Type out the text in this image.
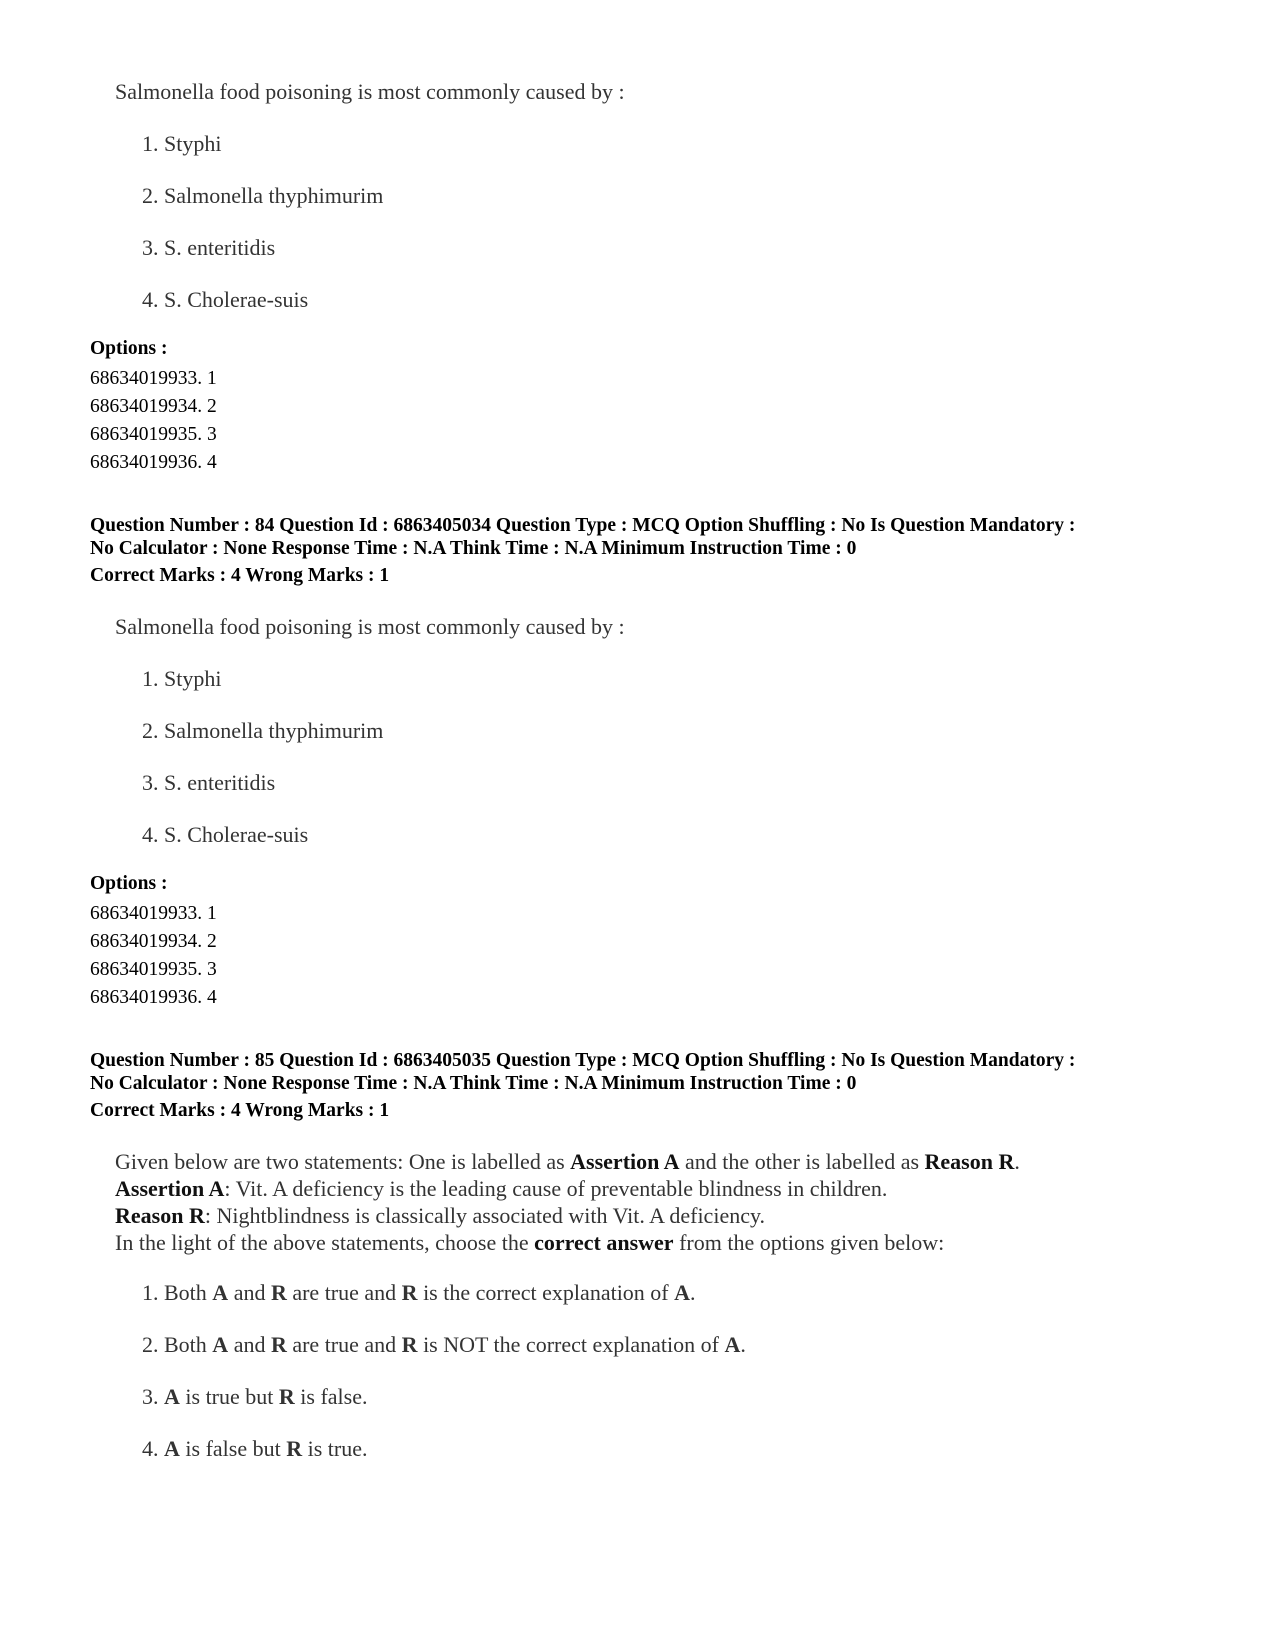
Salmonella food poisoning is most commonly caused by :
1. Styphi
2. Salmonella thyphimurim
3. S. enteritidis
4. S. Cholerae-suis
Options :
68634019933. 1
68634019934. 2
68634019935. 3
68634019936. 4
Question Number : 84 Question Id : 6863405034 Question Type : MCQ Option Shuffling : No Is Question Mandatory :
No Calculator : None Response Time : N.A Think Time : N.A Minimum Instruction Time : 0
Correct Marks : 4 Wrong Marks : 1
Salmonella food poisoning is most commonly caused by :
1. Styphi
2. Salmonella thyphimurim
3. S. enteritidis
4. S. Cholerae-suis
Options :
68634019933. 1
68634019934. 2
68634019935. 3
68634019936. 4
Question Number : 85 Question Id : 6863405035 Question Type : MCQ Option Shuffling : No Is Question Mandatory :
No Calculator : None Response Time : N.A Think Time : N.A Minimum Instruction Time : 0
Correct Marks : 4 Wrong Marks : 1
Given below are two statements: One is labelled as Assertion A and the other is labelled as Reason R.
Assertion A: Vit. A deficiency is the leading cause of preventable blindness in children.
Reason R: Nightblindness is classically associated with Vit. A deficiency.
In the light of the above statements, choose the correct answer from the options given below:
1. Both A and R are true and R is the correct explanation of A.
2. Both A and R are true and R is NOT the correct explanation of A.
3. A is true but R is false.
4. A is false but R is true.
